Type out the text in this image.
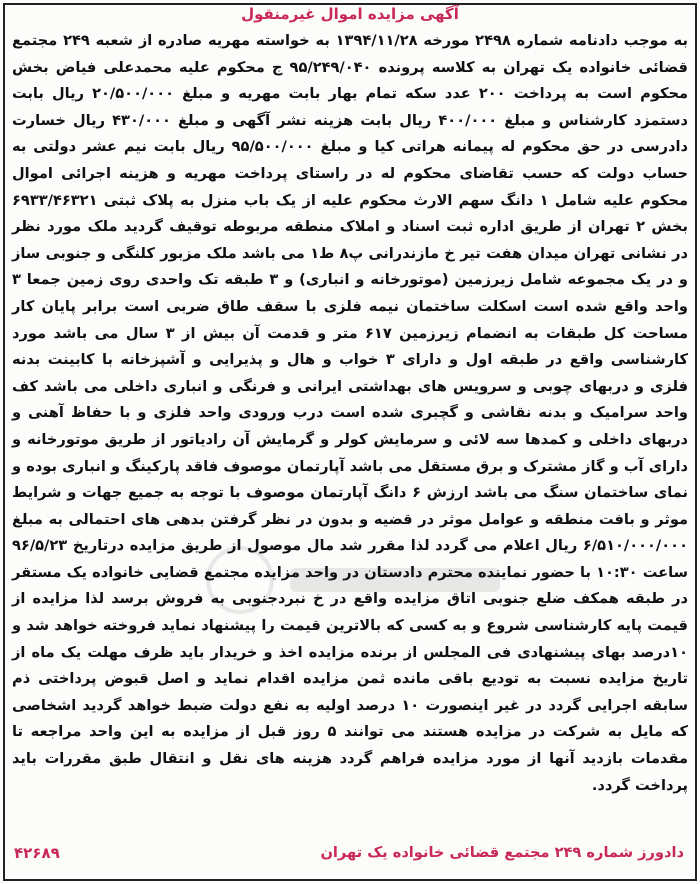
آگهی مزایده اموال غیرمنقول
به موجب دادنامه شماره ۲۴۹۸ مورخه ۱۳۹۴/۱۱/۲۸ به خواسته مهریه صادره از شعبه ۲۴۹ مجتمع قضائی خانواده یک تهران به کلاسه پرونده ۹۵/۲۴۹/۰۴۰ ج محکوم علیه محمدعلی فیاض بخش محکوم است به پرداخت ۲۰۰ عدد سکه تمام بهار بابت مهریه و مبلغ ۲۰/۵۰۰/۰۰۰ ریال بابت دستمزد کارشناس و مبلغ ۴۰۰/۰۰۰ ریال بابت هزینه نشر آگهی و مبلغ ۴۳۰/۰۰۰ ریال خسارت دادرسی در حق محکوم له پیمانه هراتی کیا و مبلغ ۹۵/۵۰۰/۰۰۰ ریال بابت نیم عشر دولتی به حساب دولت که حسب تقاضای محکوم له در راستای پرداخت مهریه و هزینه اجرائی اموال محکوم علیه شامل ۱ دانگ سهم الارث محکوم علیه از یک باب منزل به پلاک ثبتی ۶۹۳۳/۴۶۳۲۱ بخش ۲ تهران از طریق اداره ثبت اسناد و املاک منطقه مربوطه توقیف گردید ملک مورد نظر در نشانی تهران میدان هفت تیر خ مازندرانی پ۸ ط۱ می باشد ملک مزبور کلنگی و جنوبی ساز و در یک مجموعه شامل زیرزمین (موتورخانه و انباری) و ۳ طبقه تک واحدی روی زمین جمعا ۳ واحد واقع شده است اسکلت ساختمان نیمه فلزی با سقف طاق ضربی است برابر پایان کار مساحت کل طبقات به انضمام زیرزمین ۶۱۷ متر و قدمت آن بیش از ۳ سال می باشد مورد کارشناسی واقع در طبقه اول و دارای ۳ خواب و هال و پذیرایی و آشپزخانه با کابینت بدنه فلزی و دربهای چوبی و سرویس های بهداشتی ایرانی و فرنگی و انباری داخلی می باشد کف واحد سرامیک و بدنه نقاشی و گچبری شده است درب ورودی واحد فلزی و با حفاظ آهنی و دربهای داخلی و کمدها سه لائی و سرمایش کولر و گرمایش آن رادیاتور از طریق موتورخانه و دارای آب و گاز مشترک و برق مستقل می باشد آپارتمان موصوف فاقد پارکینگ و انباری بوده و نمای ساختمان سنگ می باشد ارزش ۶ دانگ آپارتمان موصوف با توجه به جمیع جهات و شرایط موثر و بافت منطقه و عوامل موثر در قضیه و بدون در نظر گرفتن بدهی های احتمالی به مبلغ ۶/۵۱۰/۰۰۰/۰۰۰ ریال اعلام می گردد لذا مقرر شد مال موصول از طریق مزایده درتاریخ ۹۶/۵/۲۳ ساعت ۱۰:۳۰ با حضور نماینده محترم دادستان در واحد مزایده مجتمع قضایی خانواده یک مستقر در طبقه همکف ضلع جنوبی اتاق مزایده واقع در خ نبردجنوبی به فروش برسد لذا مزایده از قیمت پایه کارشناسی شروع و به کسی که بالاترین قیمت را پیشنهاد نماید فروخته خواهد شد و ۱۰درصد بهای پیشنهادی فی المجلس از برنده مزایده اخذ و خریدار باید ظرف مهلت یک ماه از تاریخ مزایده نسبت به تودیع باقی مانده ثمن مزایده اقدام نماید و اصل قبوض پرداختی ذم سابقه اجرایی گردد در غیر اینصورت ۱۰ درصد اولیه به نفع دولت ضبط خواهد گردید اشخاصی که مایل به شرکت در مزایده هستند می توانند ۵ روز قبل از مزایده به این واحد مراجعه تا مقدمات بازدید آنها از مورد مزایده فراهم گردد هزینه های نقل و انتقال طبق مقررات باید پرداخت گردد.
دادورز شماره ۲۴۹ مجتمع قضائی خانواده یک تهران
۴۲۶۸۹
